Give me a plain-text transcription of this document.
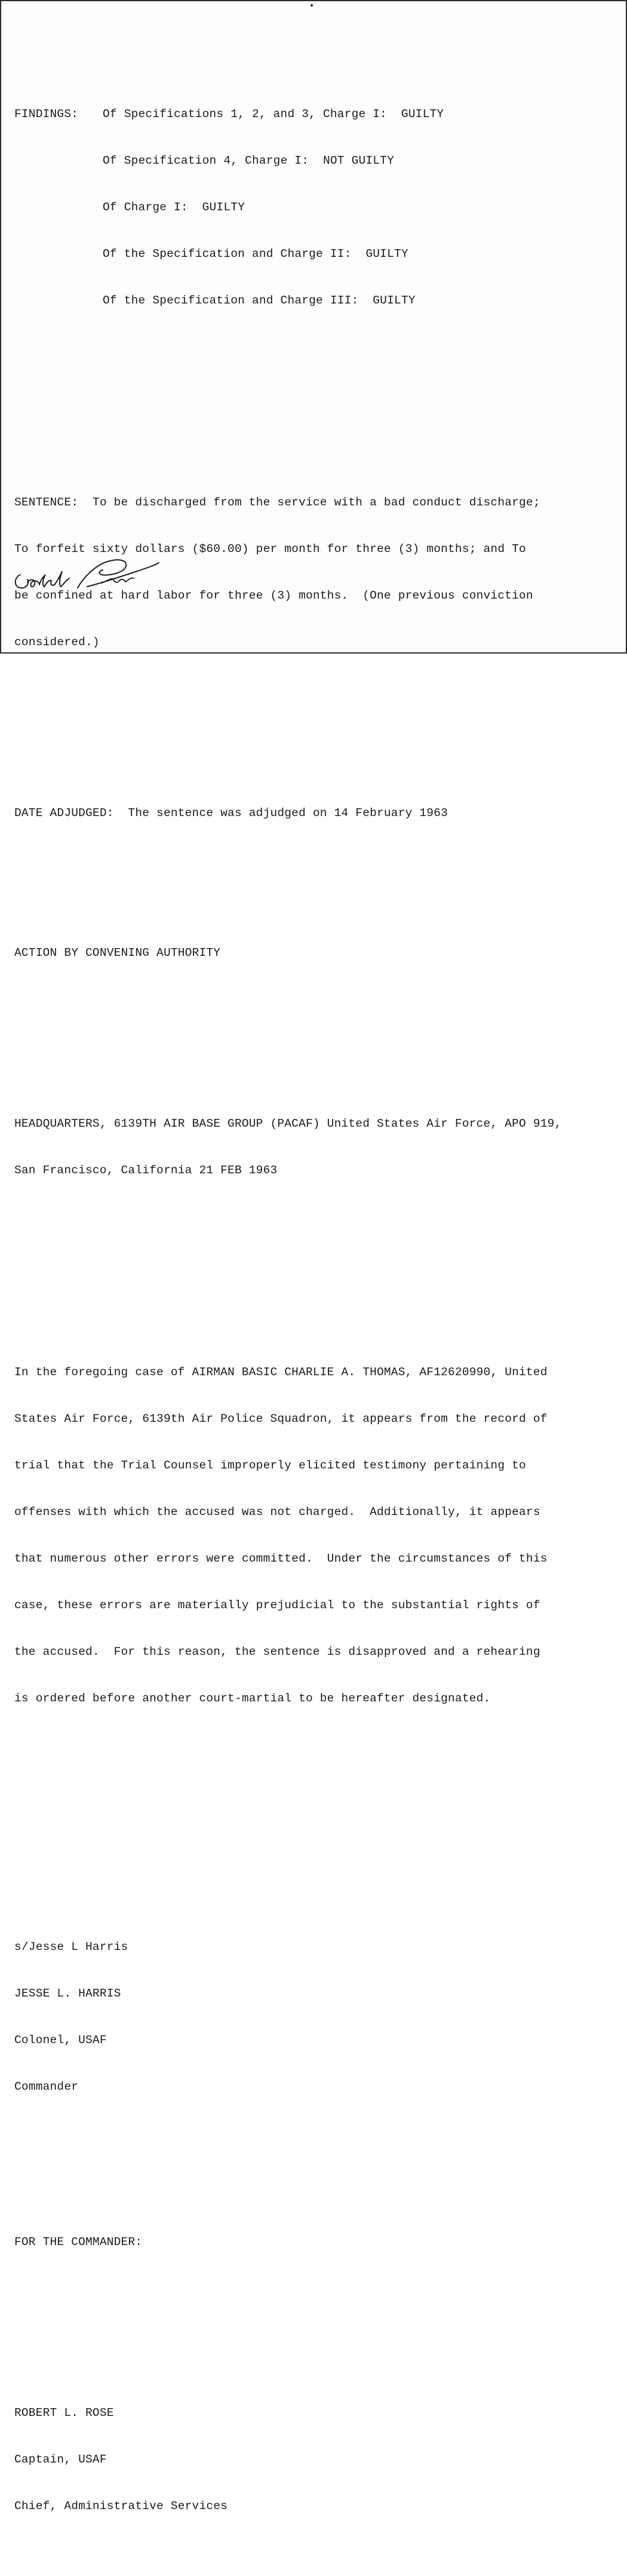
FINDINGS:	Of Specifications 1, 2, and 3, Charge I:  GUILTY

Of Specification 4, Charge I:  NOT GUILTY

Of Charge I:  GUILTY

Of the Specification and Charge II:  GUILTY

Of the Specification and Charge III:  GUILTY

SENTENCE:  To be discharged from the service with a bad conduct discharge;

To forfeit sixty dollars ($60.00) per month for three (3) months; and To

be confined at hard labor for three (3) months.  (One previous conviction

considered.)

DATE ADJUDGED:  The sentence was adjudged on 14 February 1963

ACTION BY CONVENING AUTHORITY

HEADQUARTERS, 6139TH AIR BASE GROUP (PACAF) United States Air Force, APO 919,

San Francisco, California 21 FEB 1963

In the foregoing case of AIRMAN BASIC CHARLIE A. THOMAS, AF12620990, United

States Air Force, 6139th Air Police Squadron, it appears from the record of

trial that the Trial Counsel improperly elicited testimony pertaining to

offenses with which the accused was not charged.  Additionally, it appears

that numerous other errors were committed.  Under the circumstances of this

case, these errors are materially prejudicial to the substantial rights of

the accused.  For this reason, the sentence is disapproved and a rehearing

is ordered before another court-martial to be hereafter designated.

s/Jesse L Harris

JESSE L. HARRIS

Colonel, USAF

Commander

FOR THE COMMANDER:

ROBERT L. ROSE

Captain, USAF

Chief, Administrative Services
